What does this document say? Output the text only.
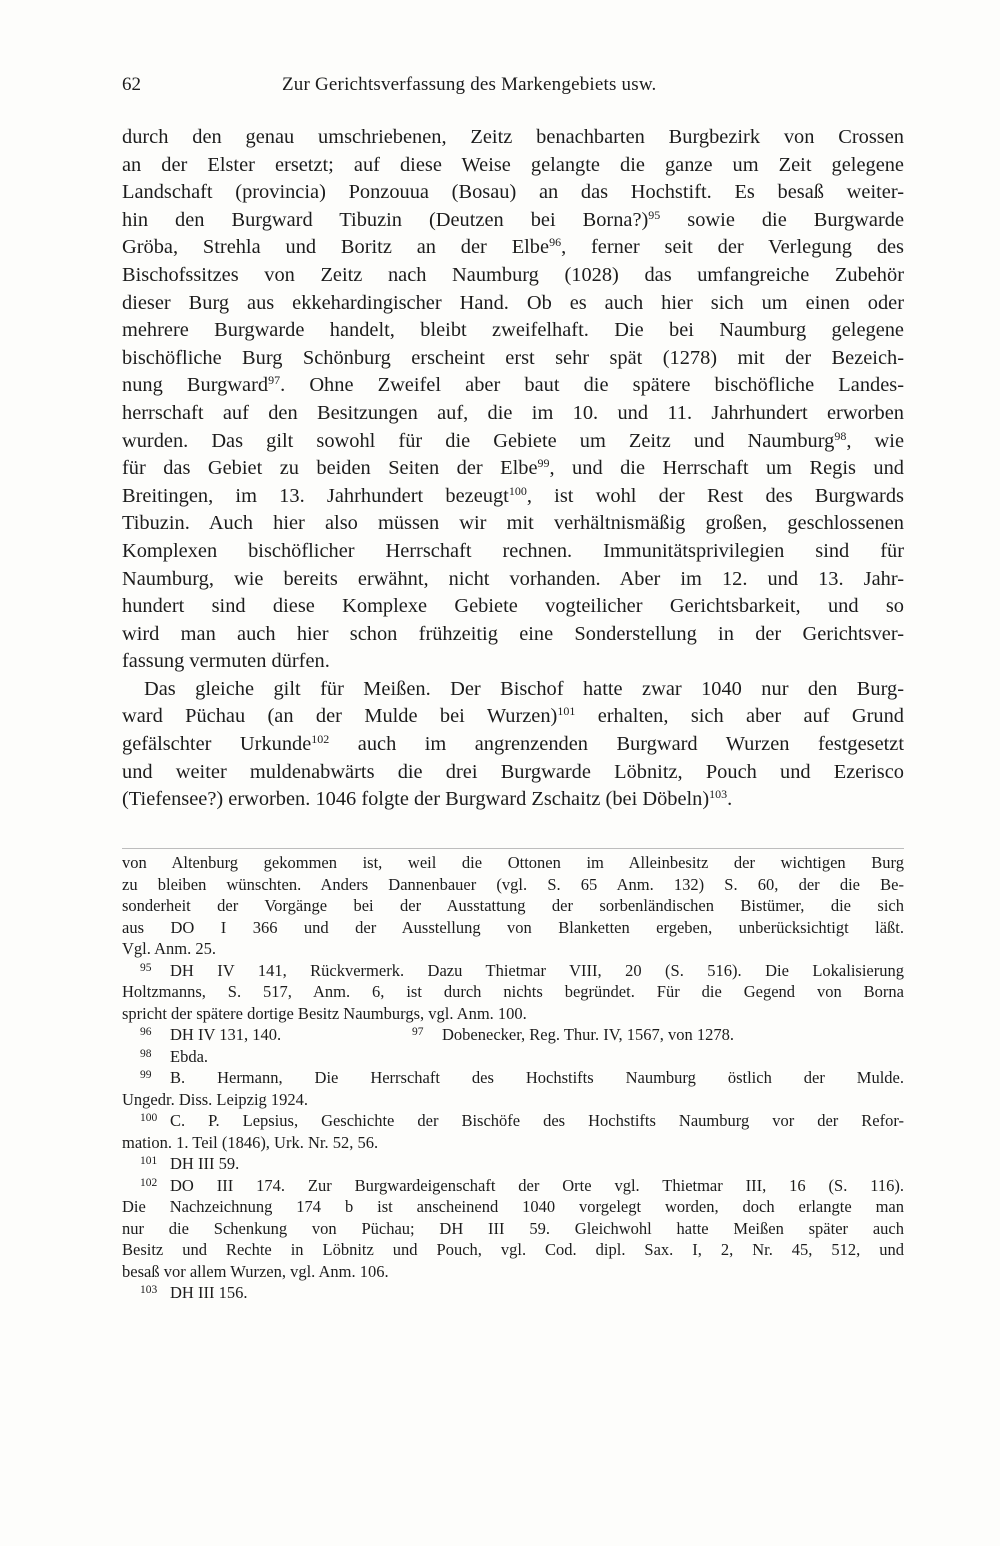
62	Zur Gerichtsverfassung des Markengebiets usw.
durch den genau umschriebenen, Zeitz benachbarten Burgbezirk von Crossen
an der Elster ersetzt; auf diese Weise gelangte die ganze um Zeit gelegene
Landschaft (provincia) Ponzouua (Bosau) an das Hochstift. Es besaß weiter-
hin den Burgward Tibuzin (Deutzen bei Borna?)$^{95}$ sowie die Burgwarde
Gröba, Strehla und Boritz an der Elbe$^{96}$, ferner seit der Verlegung des
Bischofssitzes von Zeitz nach Naumburg (1028) das umfangreiche Zubehör
dieser Burg aus ekkehardingischer Hand. Ob es auch hier sich um einen oder
mehrere Burgwarde handelt, bleibt zweifelhaft. Die bei Naumburg gelegene
bischöfliche Burg Schönburg erscheint erst sehr spät (1278) mit der Bezeich-
nung Burgward$^{97}$. Ohne Zweifel aber baut die spätere bischöfliche Landes-
herrschaft auf den Besitzungen auf, die im 10. und 11. Jahrhundert erworben
wurden. Das gilt sowohl für die Gebiete um Zeitz und Naumburg$^{98}$, wie
für das Gebiet zu beiden Seiten der Elbe$^{99}$, und die Herrschaft um Regis und
Breitingen, im 13. Jahrhundert bezeugt$^{100}$, ist wohl der Rest des Burgwards
Tibuzin. Auch hier also müssen wir mit verhältnismäßig großen, geschlossenen
Komplexen bischöflicher Herrschaft rechnen. Immunitätsprivilegien sind für
Naumburg, wie bereits erwähnt, nicht vorhanden. Aber im 12. und 13. Jahr-
hundert sind diese Komplexe Gebiete vogteilicher Gerichtsbarkeit, und so
wird man auch hier schon frühzeitig eine Sonderstellung in der Gerichtsver-
fassung vermuten dürfen.
Das gleiche gilt für Meißen. Der Bischof hatte zwar 1040 nur den Burg-
ward Püchau (an der Mulde bei Wurzen)$^{101}$ erhalten, sich aber auf Grund
gefälschter Urkunde$^{102}$ auch im angrenzenden Burgward Wurzen festgesetzt
und weiter muldenabwärts die drei Burgwarde Löbnitz, Pouch und Ezerisco
(Tiefensee?) erworben. 1046 folgte der Burgward Zschaitz (bei Döbeln)$^{103}$.
von Altenburg gekommen ist, weil die Ottonen im Alleinbesitz der wichtigen Burg
zu bleiben wünschten. Anders Dannenbauer (vgl. S. 65 Anm. 132) S. 60, der die Be-
sonderheit der Vorgänge bei der Ausstattung der sorbenländischen Bistümer, die sich
aus DO I 366 und der Ausstellung von Blanketten ergeben, unberücksichtigt läßt.
Vgl. Anm. 25.
95 DH IV 141, Rückvermerk. Dazu Thietmar VIII, 20 (S. 516). Die Lokalisierung
Holtzmanns, S. 517, Anm. 6, ist durch nichts begründet. Für die Gegend von Borna
spricht der spätere dortige Besitz Naumburgs, vgl. Anm. 100.
96 DH IV 131, 140.	97 Dobenecker, Reg. Thur. IV, 1567, von 1278.
98 Ebda.
99 B. Hermann, Die Herrschaft des Hochstifts Naumburg östlich der Mulde.
Ungedr. Diss. Leipzig 1924.
100 C. P. Lepsius, Geschichte der Bischöfe des Hochstifts Naumburg vor der Refor-
mation. 1. Teil (1846), Urk. Nr. 52, 56.
101 DH III 59.
102 DO III 174. Zur Burgwardeigenschaft der Orte vgl. Thietmar III, 16 (S. 116).
Die Nachzeichnung 174 b ist anscheinend 1040 vorgelegt worden, doch erlangte man
nur die Schenkung von Püchau; DH III 59. Gleichwohl hatte Meißen später auch
Besitz und Rechte in Löbnitz und Pouch, vgl. Cod. dipl. Sax. I, 2, Nr. 45, 512, und
besaß vor allem Wurzen, vgl. Anm. 106.
103 DH III 156.
